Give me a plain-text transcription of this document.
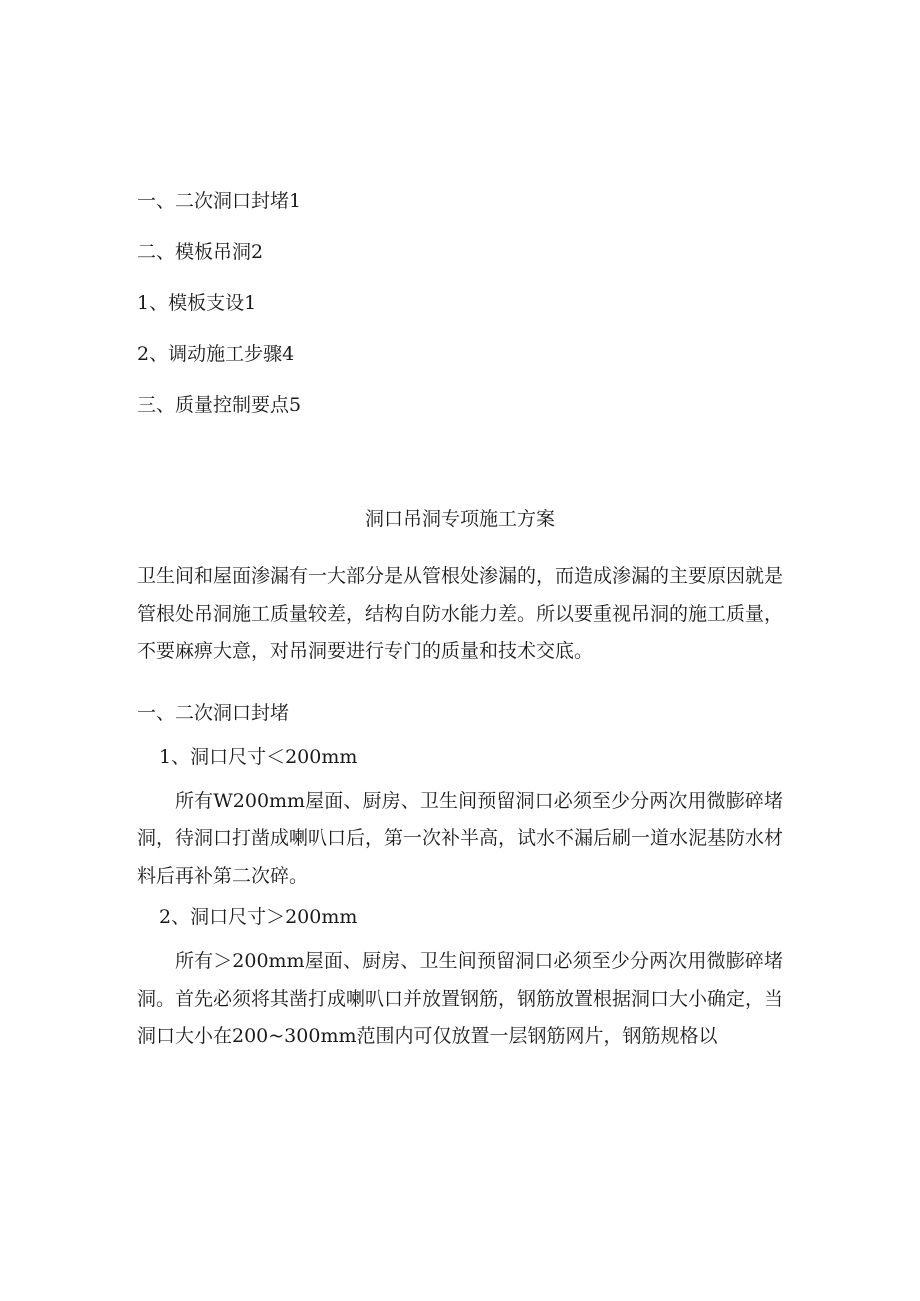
一、二次洞口封堵1
二、模板吊洞2
1、模板支设1
2、调动施工步骤4
三、质量控制要点5
洞口吊洞专项施工方案

卫生间和屋面渗漏有一大部分是从管根处渗漏的，而造成渗漏的主要原因就是管根处吊洞施工质量较差，结构自防水能力差。所以要重视吊洞的施工质量，不要麻痹大意，对吊洞要进行专门的质量和技术交底。

一、二次洞口封堵

1、洞口尺寸＜200mm

所有W200mm屋面、厨房、卫生间预留洞口必须至少分两次用微膨碎堵洞，待洞口打凿成喇叭口后，第一次补半高，试水不漏后刷一道水泥基防水材料后再补第二次碎。

2、洞口尺寸＞200mm

所有＞200mm屋面、厨房、卫生间预留洞口必须至少分两次用微膨碎堵洞。首先必须将其凿打成喇叭口并放置钢筋，钢筋放置根据洞口大小确定，当洞口大小在200~300mm范围内可仅放置一层钢筋网片，钢筋规格以
